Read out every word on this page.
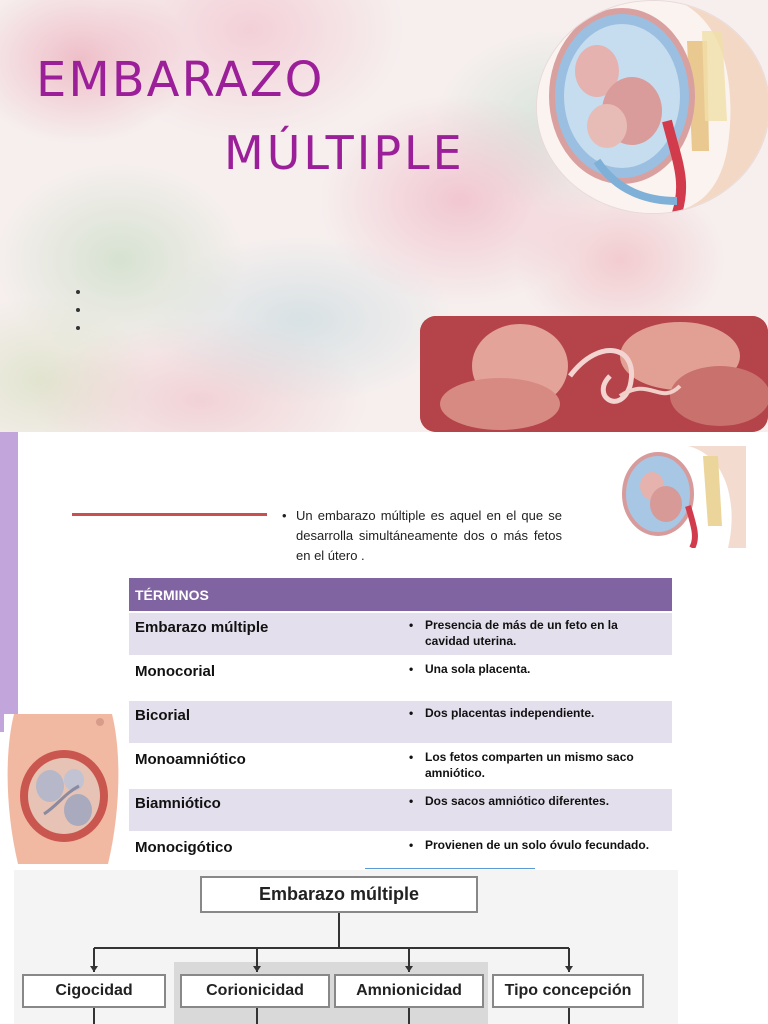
EMBARAZO
MÚLTIPLE
• Un embarazo múltiple es aquel en el que se desarrolla simultáneamente dos o más fetos en el útero .
TÉRMINOS	
Embarazo múltiple	• Presencia de más de un feto en la cavidad uterina.
Monocorial	• Una sola placenta.
Bicorial	• Dos placentas independiente.
Monoamniótico	• Los fetos comparten un mismo saco amniótico.
Biamniótico	• Dos sacos amniótico diferentes.
Monocigótico	• Provienen de un solo óvulo fecundado.
	•
Embarazo múltiple
Cigocidad	Corionicidad	Amnionicidad	Tipo concepción
